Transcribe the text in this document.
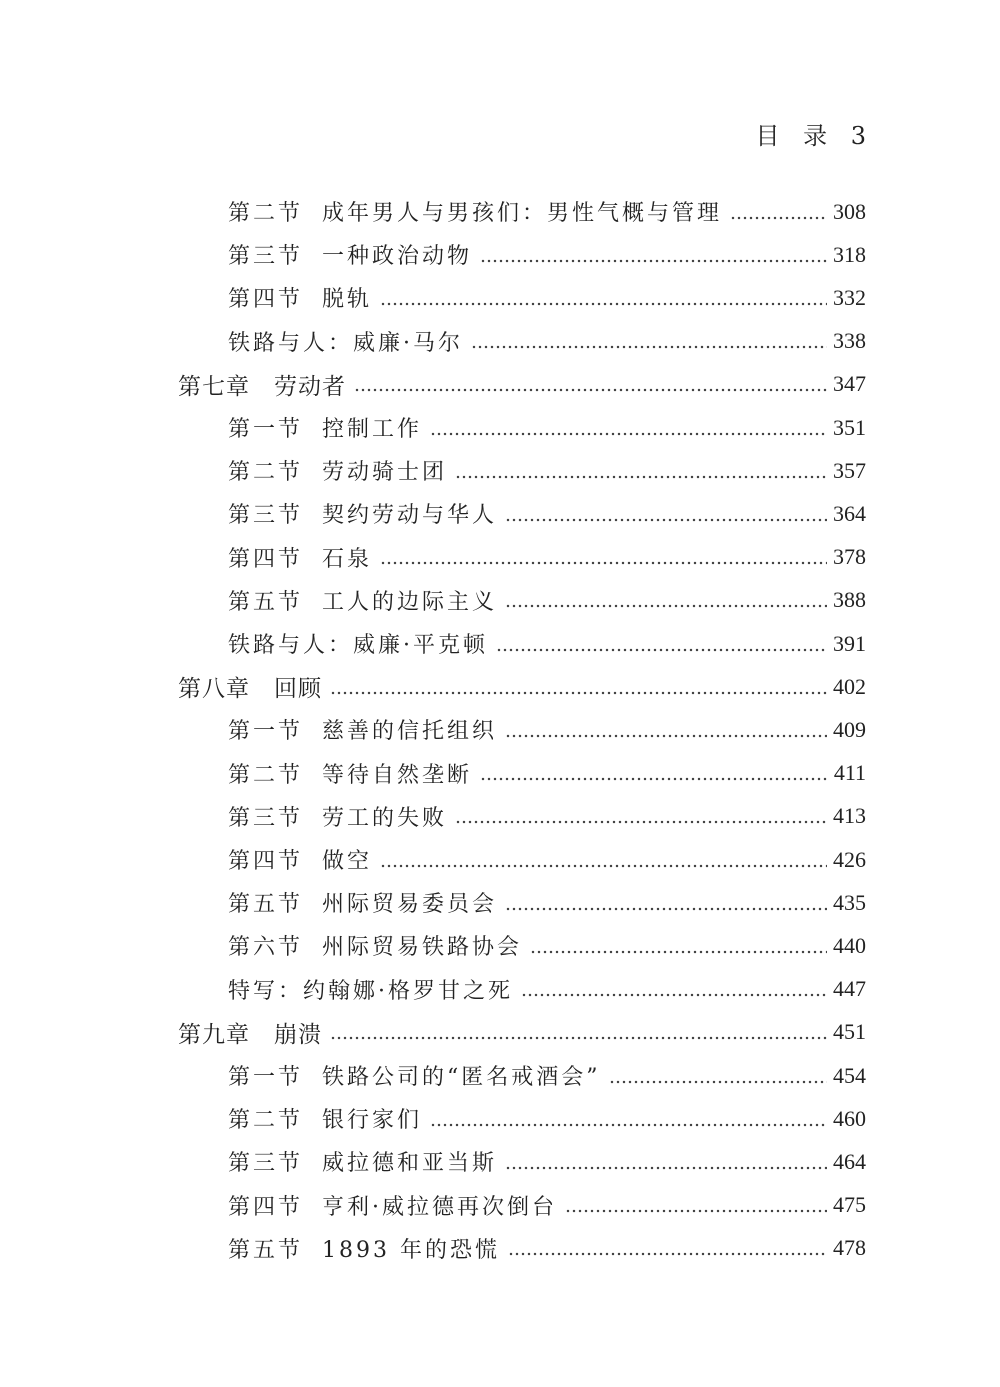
目 录 3
第二节 成年男人与男孩们：男性气概与管理	308
第三节 一种政治动物	318
第四节 脱轨	332
铁路与人：威廉·马尔	338
第七章	劳动者	347
第一节 控制工作	351
第二节 劳动骑士团	357
第三节 契约劳动与华人	364
第四节 石泉	378
第五节 工人的边际主义	388
铁路与人：威廉·平克顿	391
第八章	回顾	402
第一节 慈善的信托组织	409
第二节 等待自然垄断	411
第三节 劳工的失败	413
第四节 做空	426
第五节 州际贸易委员会	435
第六节 州际贸易铁路协会	440
特写：约翰娜·格罗甘之死	447
第九章	崩溃	451
第一节 铁路公司的“匿名戒酒会”	454
第二节 银行家们	460
第三节 威拉德和亚当斯	464
第四节 亨利·威拉德再次倒台	475
第五节 1893 年的恐慌	478
